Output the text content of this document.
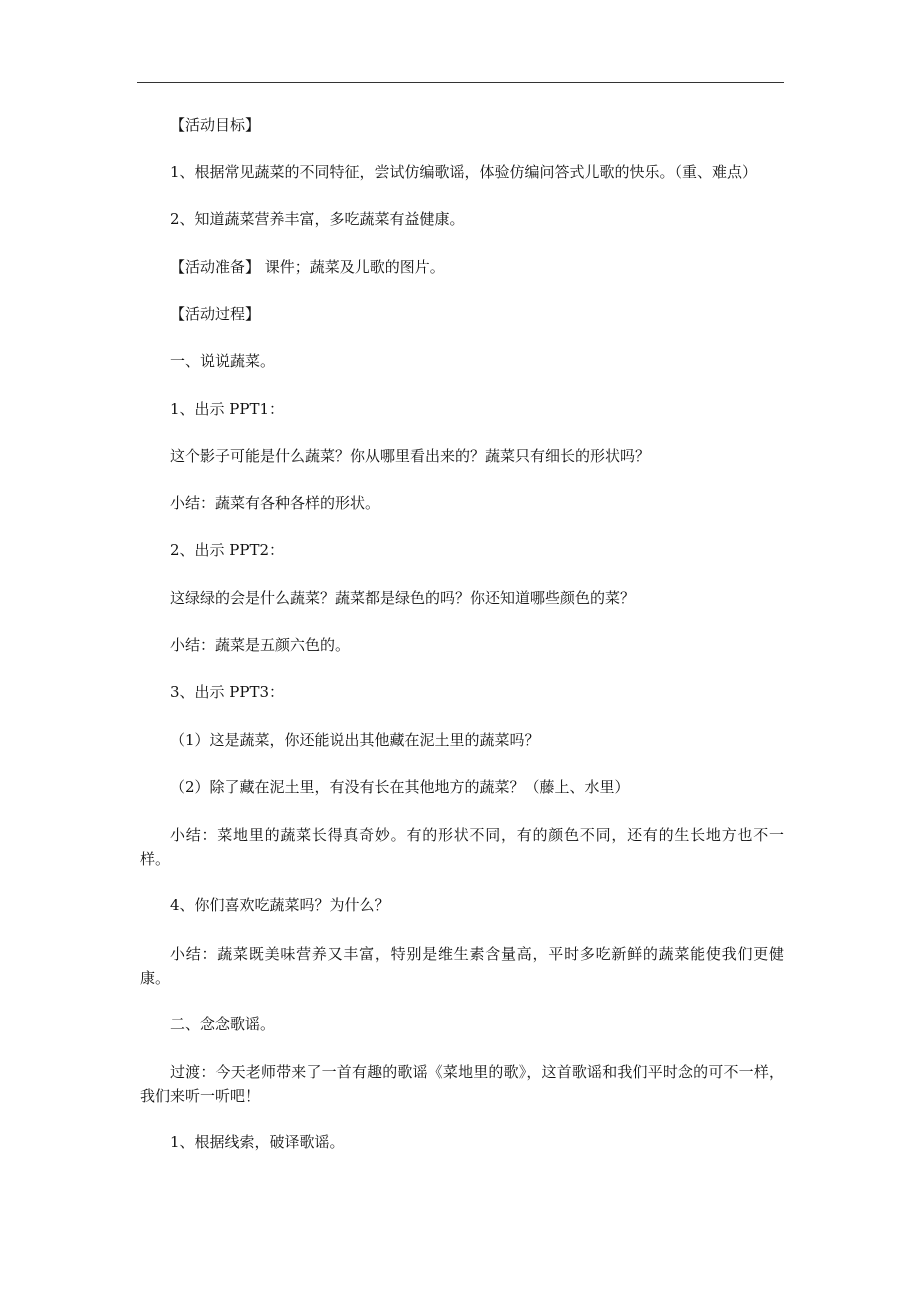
【活动目标】
1、根据常见蔬菜的不同特征，尝试仿编歌谣，体验仿编问答式儿歌的快乐。（重、难点）
2、知道蔬菜营养丰富，多吃蔬菜有益健康。
【活动准备】 课件；蔬菜及儿歌的图片。
【活动过程】
一、说说蔬菜。
1、出示 PPT1：
这个影子可能是什么蔬菜？你从哪里看出来的？蔬菜只有细长的形状吗？
小结：蔬菜有各种各样的形状。
2、出示 PPT2：
这绿绿的会是什么蔬菜？蔬菜都是绿色的吗？你还知道哪些颜色的菜？
小结：蔬菜是五颜六色的。
3、出示 PPT3：
（1）这是蔬菜，你还能说出其他藏在泥土里的蔬菜吗？
（2）除了藏在泥土里，有没有长在其他地方的蔬菜？（藤上、水里）
小结：菜地里的蔬菜长得真奇妙。有的形状不同，有的颜色不同，还有的生长地方也不一样。
4、你们喜欢吃蔬菜吗？为什么？
小结：蔬菜既美味营养又丰富，特别是维生素含量高，平时多吃新鲜的蔬菜能使我们更健康。
二、念念歌谣。
过渡：今天老师带来了一首有趣的歌谣《菜地里的歌》，这首歌谣和我们平时念的可不一样，我们来听一听吧！
1、根据线索，破译歌谣。
